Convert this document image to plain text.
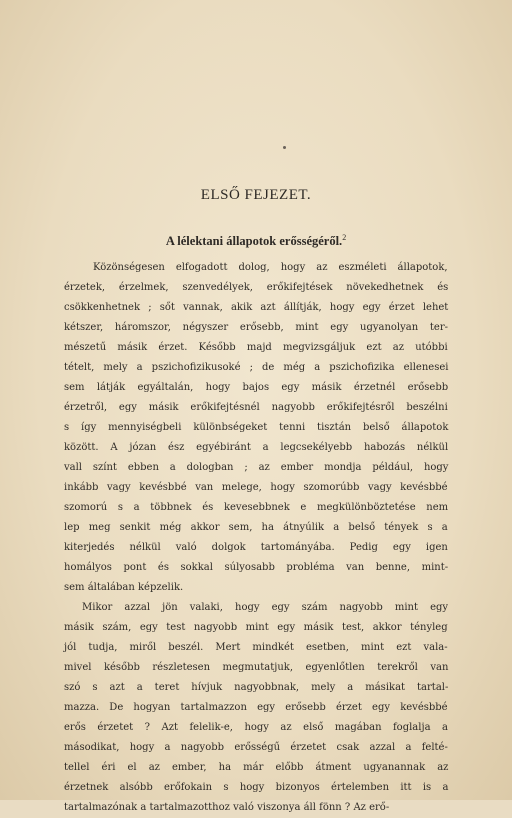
ELSŐ FEJEZET.
A lélektani állapotok erősségéről.$^2$
Közönségesen elfogadott dolog, hogy az eszméleti állapotok,
érzetek, érzelmek, szenvedélyek, erőkifejtések növekedhetnek és
csökkenhetnek ; sőt vannak, akik azt állítják, hogy egy érzet lehet
kétszer, háromszor, négyszer erősebb, mint egy ugyanolyan ter-
mészetű másik érzet. Később majd megvizsgáljuk ezt az utóbbi
tételt, mely a pszichofizikusoké ; de még a pszichofizika ellenesei
sem látják egyáltalán, hogy bajos egy másik érzetnél erősebb
érzetről, egy másik erőkifejtésnél nagyobb erőkifejtésről beszélni
s így mennyiségbeli különbségeket tenni tisztán belső állapotok
között. A józan ész egyébiránt a legcsekélyebb habozás nélkül
vall színt ebben a dologban ; az ember mondja például, hogy
inkább vagy kevésbbé van melege, hogy szomorúbb vagy kevésbbé
szomorú s a többnek és kevesebbnek e megkülönböztetése nem
lep meg senkit még akkor sem, ha átnyúlik a belső tények s a
kiterjedés nélkül való dolgok tartományába. Pedig egy igen
homályos pont és sokkal súlyosabb probléma van benne, mint-
sem általában képzelik.
Mikor azzal jön valaki, hogy egy szám nagyobb mint egy
másik szám, egy test nagyobb mint egy másik test, akkor tényleg
jól tudja, miről beszél. Mert mindkét esetben, mint ezt vala-
mivel később részletesen megmutatjuk, egyenlőtlen terekről van
szó s azt a teret hívjuk nagyobbnak, mely a másikat tartal-
mazza. De hogyan tartalmazzon egy erősebb érzet egy kevésbbé
erős érzetet ? Azt felelik-e, hogy az első magában foglalja a
másodikat, hogy a nagyobb erősségű érzetet csak azzal a felté-
tellel éri el az ember, ha már előbb átment ugyanannak az
érzetnek alsóbb erőfokain s hogy bizonyos értelemben itt is a
tartalmazónak a tartalmazotthoz való viszonya áll fönn ? Az erő-
